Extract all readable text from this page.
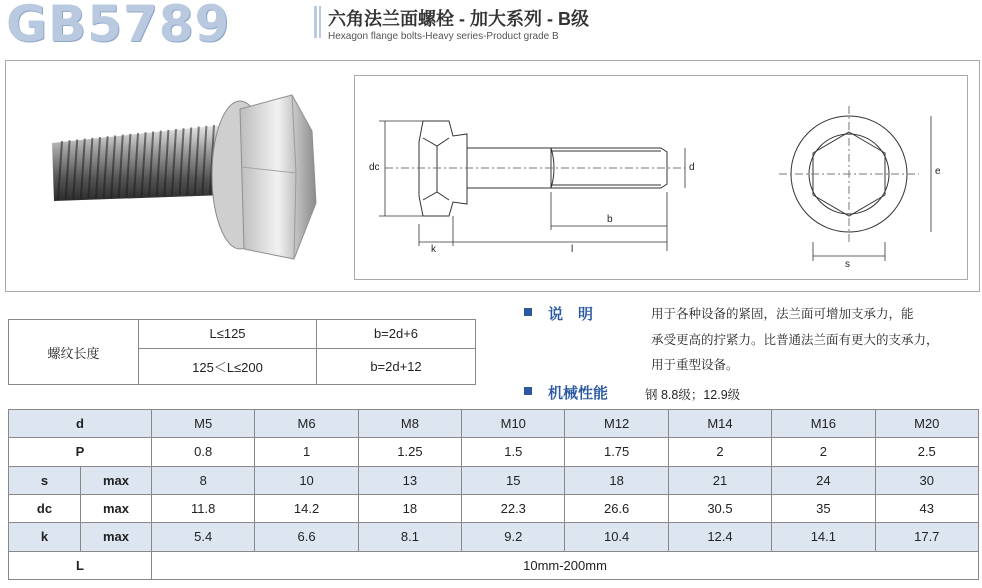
GB5789	六角法兰面螺栓 - 加大系列 - B级
Hexagon flange bolts-Heavy series-Product grade B
dc	d
k	l
b
e
s
螺纹长度	L≤125	b=2d+6
	125＜L≤200	b=2d+12
说　明	用于各种设备的紧固，法兰面可增加支承力，能
承受更高的拧紧力。比普通法兰面有更大的支承力，
用于重型设备。
机械性能	钢 8.8级；12.9级
d		M5	M6	M8	M10	M12	M14	M16	M20
P		0.8	1	1.25	1.5	1.75	2	2	2.5
s	max	8	10	13	15	18	21	24	30
dc	max	11.8	14.2	18	22.3	26.6	30.5	35	43
k	max	5.4	6.6	8.1	9.2	10.4	12.4	14.1	17.7
L		10mm-200mm							
